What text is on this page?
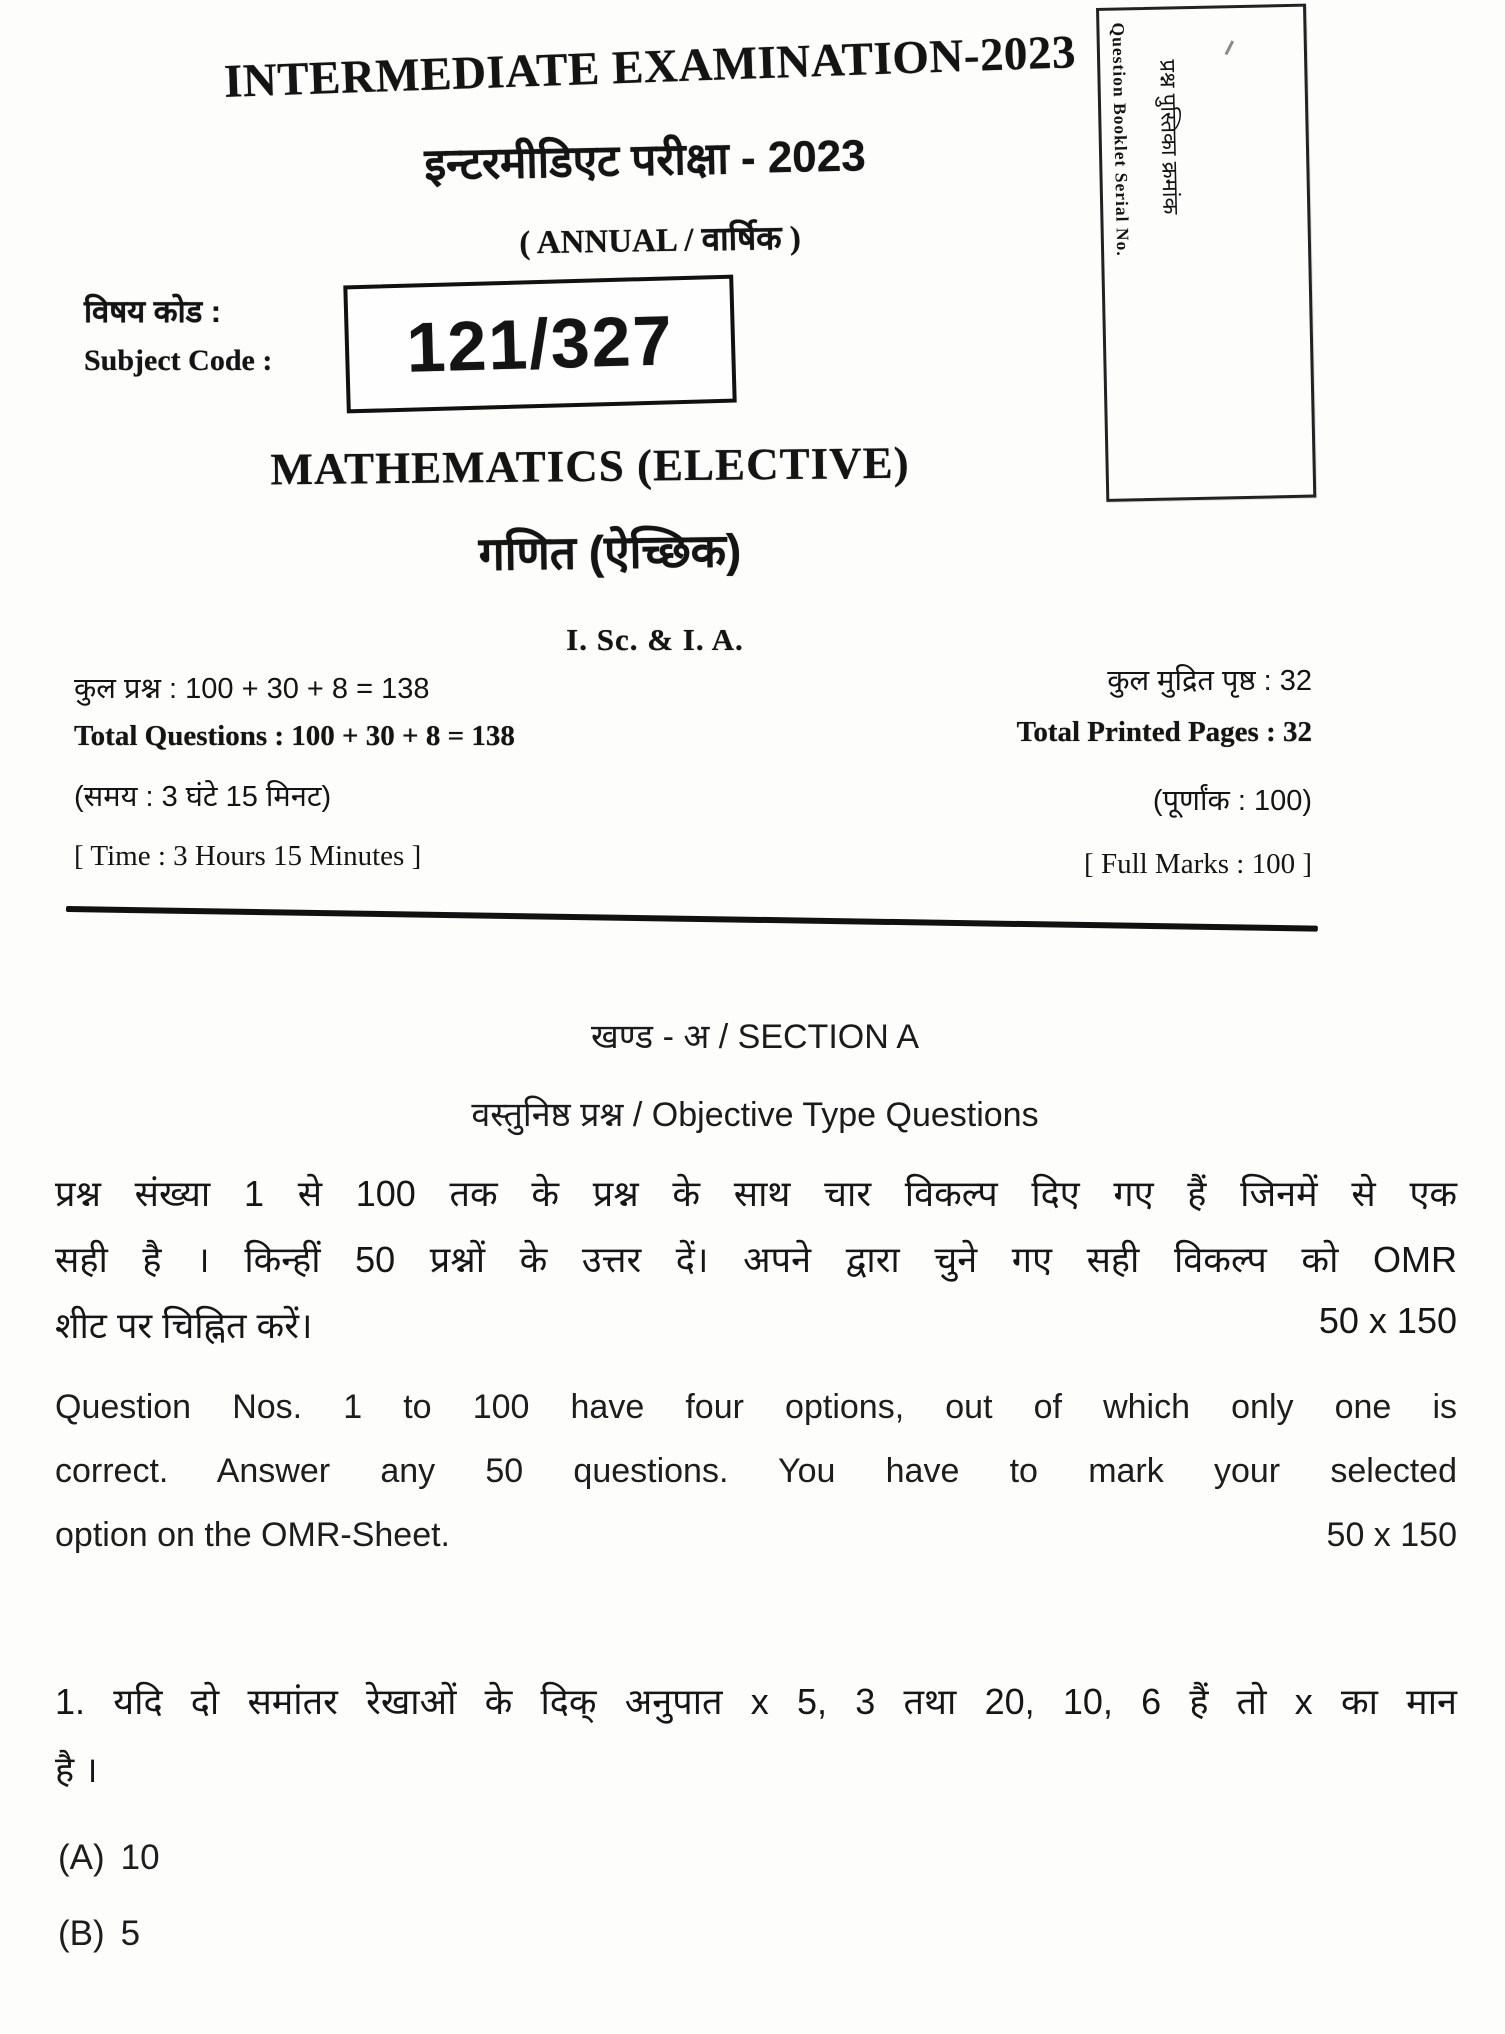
INTERMEDIATE EXAMINATION-2023
इन्टरमीडिएट परीक्षा - 2023
( ANNUAL / वार्षिक )
विषय कोड :
Subject Code : 121/327
MATHEMATICS (ELECTIVE)
गणित (ऐच्छिक)
I. Sc. & I. A.
Question Booklet Serial No. प्रश्न पुस्तिका क्रमांक
कुल प्रश्न : 100 + 30 + 8 = 138
Total Questions : 100 + 30 + 8 = 138
(समय : 3 घंटे 15 मिनट)
[ Time : 3 Hours 15 Minutes ]
कुल मुद्रित पृष्ठ : 32
Total Printed Pages : 32
(पूर्णांक : 100)
[ Full Marks : 100 ]
खण्ड - अ / SECTION A
वस्तुनिष्ठ प्रश्न / Objective Type Questions
प्रश्न संख्या 1 से 100 तक के प्रश्न के साथ चार विकल्प दिए गए हैं जिनमें से एक
सही है । किन्हीं 50 प्रश्नों के उत्तर दें। अपने द्वारा चुने गए सही विकल्प को OMR
शीट पर चिह्नित करें।	50 x 150
Question Nos. 1 to 100 have four options, out of which only one is
correct. Answer any 50 questions. You have to mark your selected
option on the OMR-Sheet.	50 x 150
1. यदि दो समांतर रेखाओं के दिक् अनुपात x 5, 3 तथा 20, 10, 6 हैं तो x का मान
है ।
(A) 10
(B) 5
